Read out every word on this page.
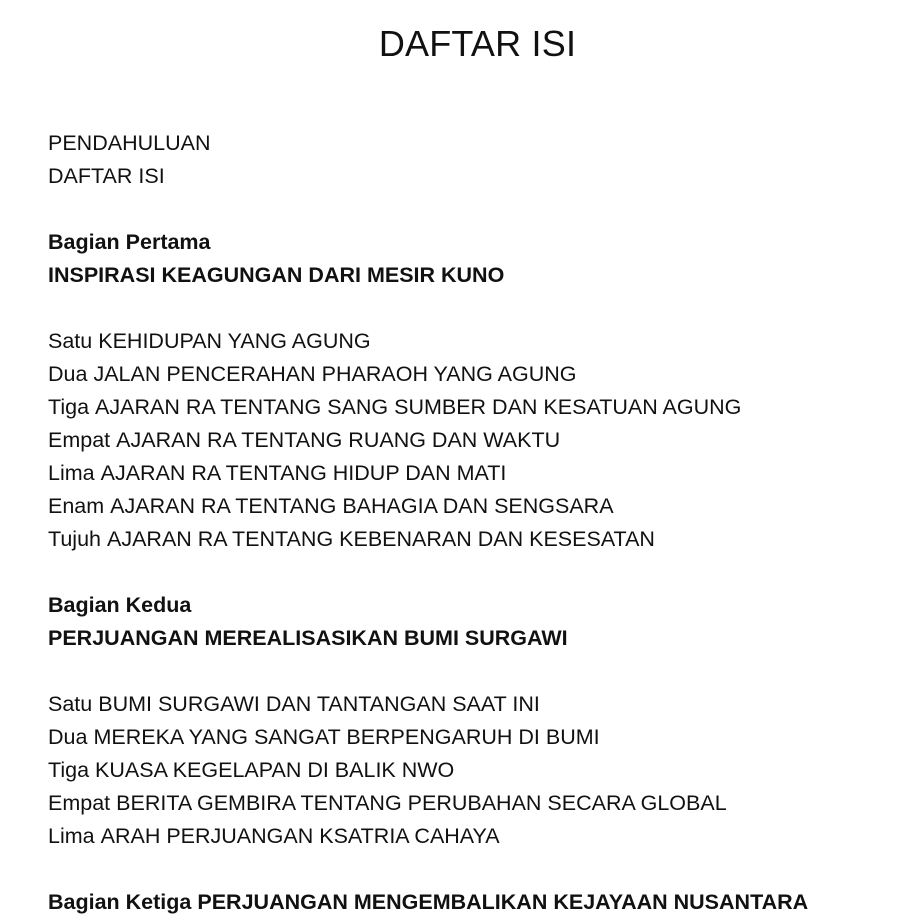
DAFTAR ISI
PENDAHULUAN
DAFTAR ISI
Bagian Pertama
INSPIRASI KEAGUNGAN DARI MESIR KUNO
Satu KEHIDUPAN YANG AGUNG
Dua JALAN PENCERAHAN PHARAOH YANG AGUNG
Tiga AJARAN RA TENTANG SANG SUMBER DAN KESATUAN AGUNG
Empat AJARAN RA TENTANG RUANG DAN WAKTU
Lima AJARAN RA TENTANG HIDUP DAN MATI
Enam AJARAN RA TENTANG BAHAGIA DAN SENGSARA
Tujuh AJARAN RA TENTANG KEBENARAN DAN KESESATAN
Bagian Kedua
PERJUANGAN MEREALISASIKAN BUMI SURGAWI
Satu BUMI SURGAWI DAN TANTANGAN SAAT INI
Dua MEREKA YANG SANGAT BERPENGARUH DI BUMI
Tiga KUASA KEGELAPAN DI BALIK NWO
Empat BERITA GEMBIRA TENTANG PERUBAHAN SECARA GLOBAL
Lima ARAH PERJUANGAN KSATRIA CAHAYA
Bagian Ketiga PERJUANGAN MENGEMBALIKAN KEJAYAAN NUSANTARA
